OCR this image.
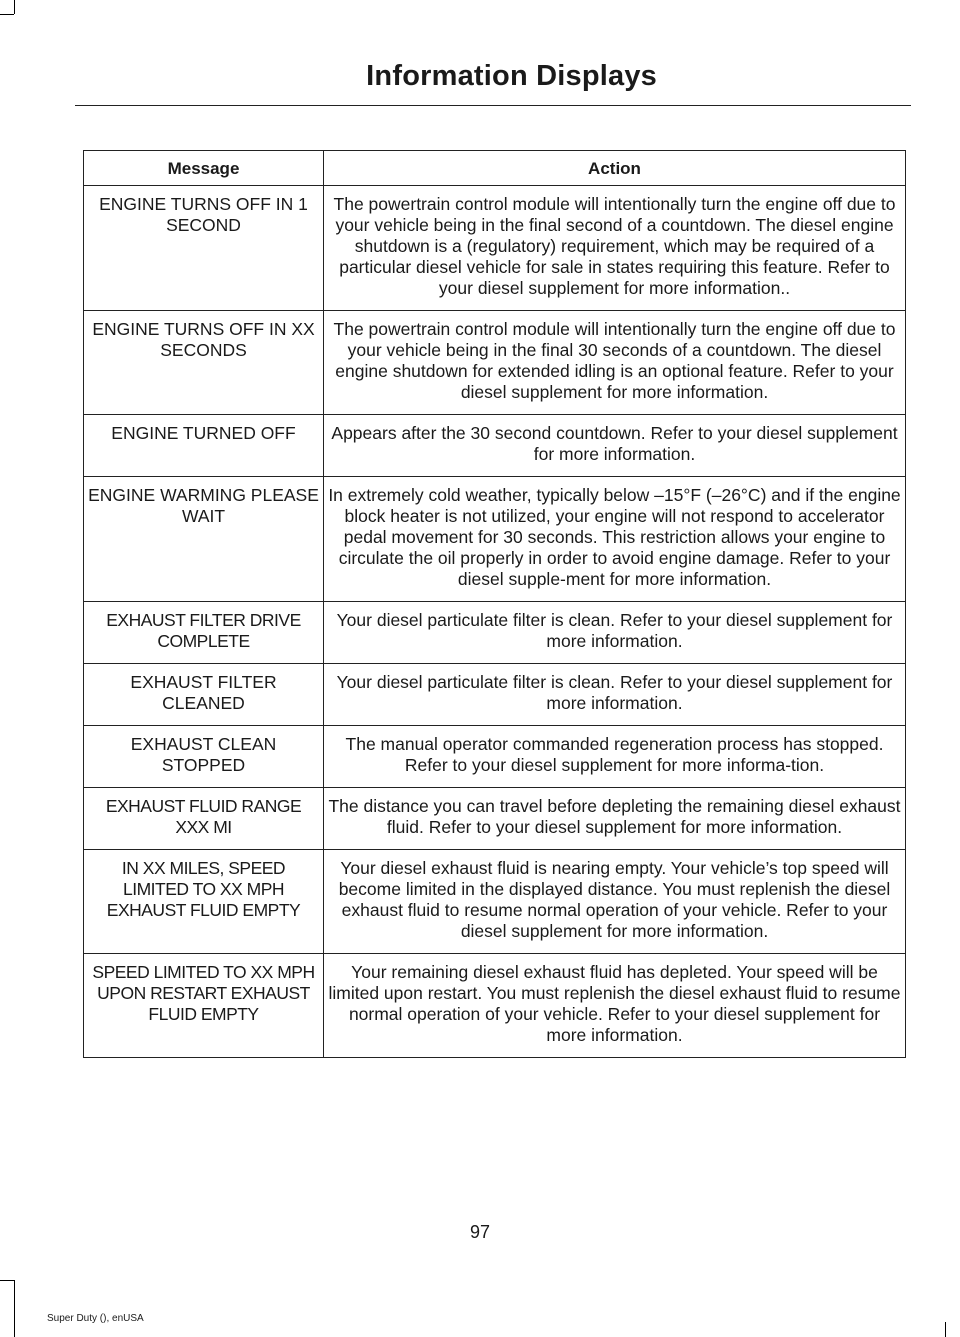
Information Displays
Message	Action
ENGINE TURNS OFF IN 1 SECOND	The powertrain control module will intentionally turn the engine off due to your vehicle being in the final second of a countdown. The diesel engine shutdown is a (regulatory) requirement, which may be required of a particular diesel vehicle for sale in states requiring this feature. Refer to your diesel supplement for more information..
ENGINE TURNS OFF IN XX SECONDS	The powertrain control module will intentionally turn the engine off due to your vehicle being in the final 30 seconds of a countdown. The diesel engine shutdown for extended idling is an optional feature. Refer to your diesel supplement for more information.
ENGINE TURNED OFF	Appears after the 30 second countdown. Refer to your diesel supplement for more information.
ENGINE WARMING PLEASE WAIT	In extremely cold weather, typically below –15°F (–26°C) and if the engine block heater is not utilized, your engine will not respond to accelerator pedal movement for 30 seconds. This restriction allows your engine to circulate the oil properly in order to avoid engine damage. Refer to your diesel supple-ment for more information.
EXHAUST FILTER DRIVE COMPLETE	Your diesel particulate filter is clean. Refer to your diesel supplement for more information.
EXHAUST FILTER CLEANED	Your diesel particulate filter is clean. Refer to your diesel supplement for more information.
EXHAUST CLEAN STOPPED	The manual operator commanded regeneration process has stopped. Refer to your diesel supplement for more informa-tion.
EXHAUST FLUID RANGE XXX MI	The distance you can travel before depleting the remaining diesel exhaust fluid. Refer to your diesel supplement for more information.
IN XX MILES, SPEED LIMITED TO XX MPH EXHAUST FLUID EMPTY	Your diesel exhaust fluid is nearing empty. Your vehicle’s top speed will become limited in the displayed distance. You must replenish the diesel exhaust fluid to resume normal operation of your vehicle. Refer to your diesel supplement for more information.
SPEED LIMITED TO XX MPH UPON RESTART EXHAUST FLUID EMPTY	Your remaining diesel exhaust fluid has depleted. Your speed will be limited upon restart. You must replenish the diesel exhaust fluid to resume normal operation of your vehicle. Refer to your diesel supplement for more information.
97
Super Duty (), enUSA
